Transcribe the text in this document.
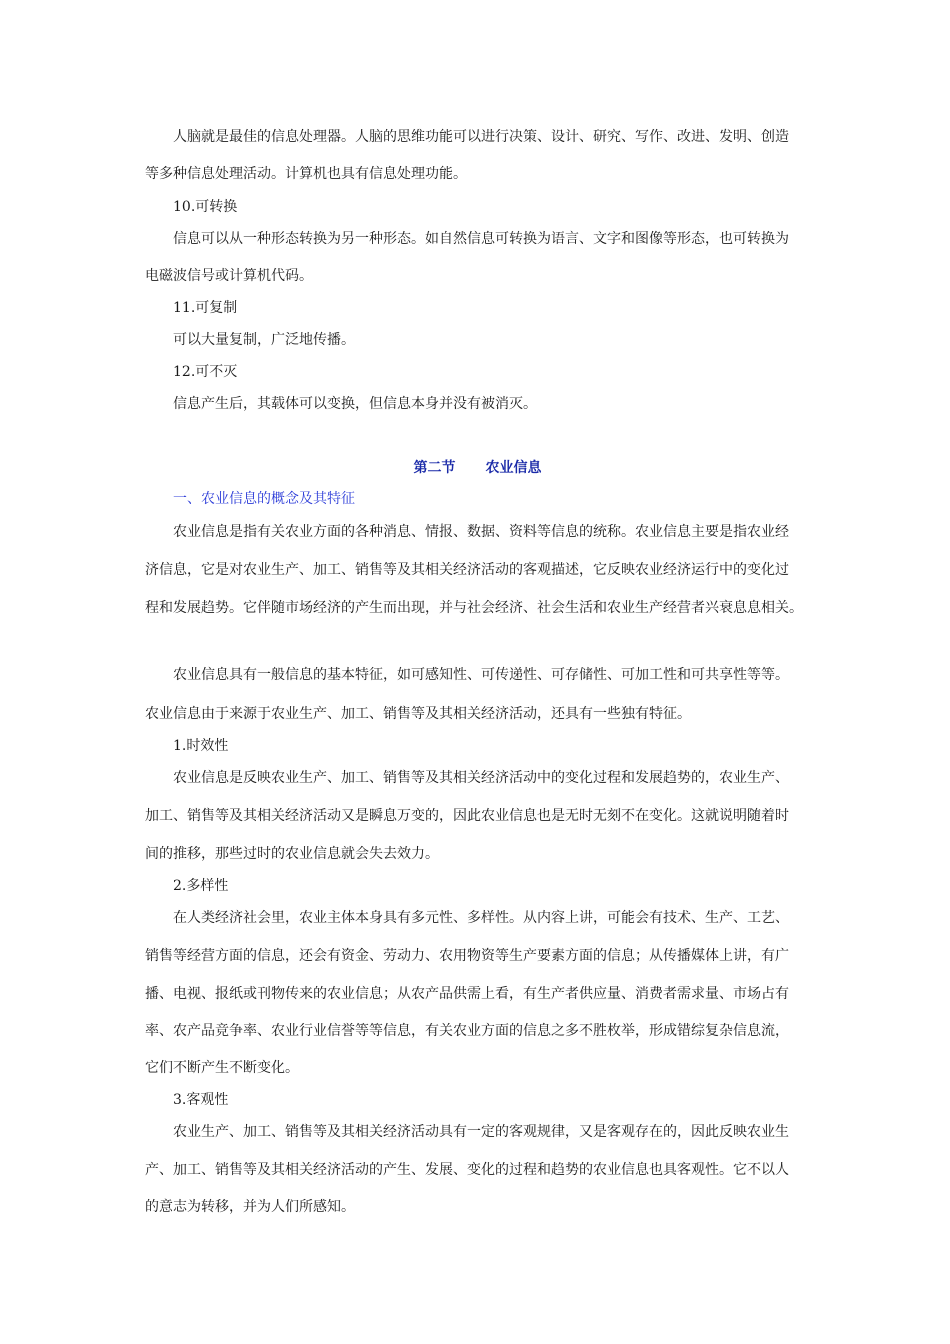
人脑就是最佳的信息处理器。人脑的思维功能可以进行决策、设计、研究、写作、改进、发明、创造

等多种信息处理活动。计算机也具有信息处理功能。

10.可转换

信息可以从一种形态转换为另一种形态。如自然信息可转换为语言、文字和图像等形态，也可转换为

电磁波信号或计算机代码。

11.可复制

可以大量复制，广泛地传播。

12.可不灭

信息产生后，其载体可以变换，但信息本身并没有被消灭。

第二节 农业信息

一、农业信息的概念及其特征

农业信息是指有关农业方面的各种消息、情报、数据、资料等信息的统称。农业信息主要是指农业经

济信息，它是对农业生产、加工、销售等及其相关经济活动的客观描述，它反映农业经济运行中的变化过

程和发展趋势。它伴随市场经济的产生而出现，并与社会经济、社会生活和农业生产经营者兴衰息息相关。

农业信息具有一般信息的基本特征，如可感知性、可传递性、可存储性、可加工性和可共享性等等。

农业信息由于来源于农业生产、加工、销售等及其相关经济活动，还具有一些独有特征。

1.时效性

农业信息是反映农业生产、加工、销售等及其相关经济活动中的变化过程和发展趋势的，农业生产、

加工、销售等及其相关经济活动又是瞬息万变的，因此农业信息也是无时无刻不在变化。这就说明随着时

间的推移，那些过时的农业信息就会失去效力。

2.多样性

在人类经济社会里，农业主体本身具有多元性、多样性。从内容上讲，可能会有技术、生产、工艺、

销售等经营方面的信息，还会有资金、劳动力、农用物资等生产要素方面的信息；从传播媒体上讲，有广

播、电视、报纸或刊物传来的农业信息；从农产品供需上看，有生产者供应量、消费者需求量、市场占有

率、农产品竞争率、农业行业信誉等等信息，有关农业方面的信息之多不胜枚举，形成错综复杂信息流，

它们不断产生不断变化。

3.客观性

农业生产、加工、销售等及其相关经济活动具有一定的客观规律，又是客观存在的，因此反映农业生

产、加工、销售等及其相关经济活动的产生、发展、变化的过程和趋势的农业信息也具客观性。它不以人

的意志为转移，并为人们所感知。
